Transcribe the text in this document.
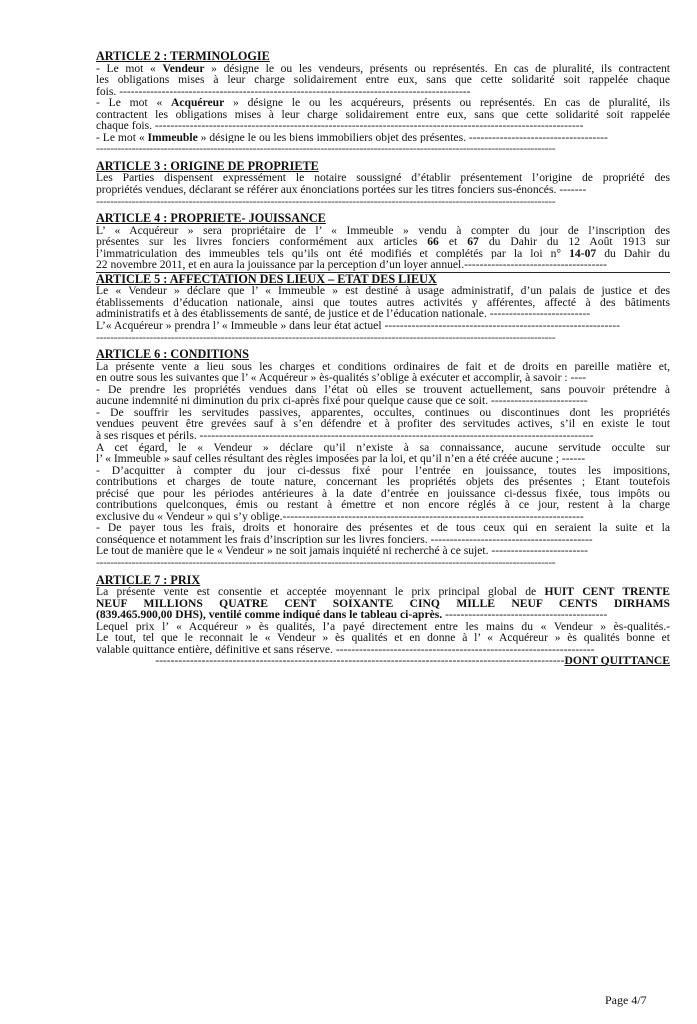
ARTICLE 2 : TERMINOLOGIE
- Le mot « Vendeur » désigne le ou les vendeurs, présents ou représentés. En cas de pluralité, ils contractent
les obligations mises à leur charge solidairement entre eux, sans que cette solidarité soit rappelée chaque
fois. -------------------------------------------------------------------------------------------
- Le mot « Acquéreur » désigne le ou les acquéreurs, présents ou représentés. En cas de pluralité, ils
contractent les obligations mises à leur charge solidairement entre eux, sans que cette solidarité soit rappelée
chaque fois. ---------------------------------------------------------------------------------------------------------------
- Le mot « Immeuble » désigne le ou les biens immobiliers objet des présentes. ------------------------------------
---------------------------------------------------------------------------------------------------------------------------------
ARTICLE 3 : ORIGINE DE PROPRIETE
Les Parties dispensent expressément le notaire soussigné d’établir présentement l’origine de propriété des
propriétés vendues, déclarant se référer aux énonciations portées sur les titres fonciers sus-énoncés. -------
---------------------------------------------------------------------------------------------------------------------------------
ARTICLE 4 : PROPRIETE- JOUISSANCE
L’ « Acquéreur » sera propriétaire de l’ « Immeuble » vendu à compter du jour de l’inscription des
présentes sur les livres fonciers conformément aux articles 66 et 67 du Dahir du 12 Août 1913 sur
l’immatriculation des immeubles tels qu’ils ont été modifiés et complétés par la loi n° 14-07 du Dahir du
22 novembre 2011, et en aura la jouissance par la perception d’un loyer annuel.-------------------------------------
ARTICLE 5 : AFFECTATION DES LIEUX – ETAT DES LIEUX
Le « Vendeur » déclare que l’ « Immeuble » est destiné à usage administratif, d’un palais de justice et des
établissements d’éducation nationale, ainsi que toutes autres activités y afférentes, affecté à des bâtiments
administratifs et à des établissements de santé, de justice et de l’éducation nationale. --------------------------
L’« Acquéreur » prendra l’ « Immeuble » dans leur état actuel -------------------------------------------------------------
---------------------------------------------------------------------------------------------------------------------------------
ARTICLE 6 : CONDITIONS
La présente vente a lieu sous les charges et conditions ordinaires de fait et de droits en pareille matière et,
en outre sous les suivantes que l’ « Acquéreur » ès-qualités s’oblige à exécuter et accomplir, à savoir : ----
- De prendre les propriétés vendues dans l’état où elles se trouvent actuellement, sans pouvoir prétendre à
aucune indemnité ni diminution du prix ci-après fixé pour quelque cause que ce soit. -------------------------
- De souffrir les servitudes passives, apparentes, occultes, continues ou discontinues dont les propriétés
vendues peuvent être grevées sauf à s’en défendre et à profiter des servitudes actives, s’il en existe le tout
à ses risques et périls. ------------------------------------------------------------------------------------------------------
A cet égard, le « Vendeur » déclare qu’il n’existe à sa connaissance, aucune servitude occulte sur
l’ « Immeuble » sauf celles résultant des règles imposées par la loi, et qu’il n’en a été créée aucune ; ------
- D’acquitter à compter du jour ci-dessus fixé pour l’entrée en jouissance, toutes les impositions,
contributions et charges de toute nature, concernant les propriétés objets des présentes ; Etant toutefois
précisé que pour les périodes antérieures à la date d’entrée en jouissance ci-dessus fixée, tous impôts ou
contributions quelconques, émis ou restant à émettre et non encore réglés à ce jour, restent à la charge
exclusive du « Vendeur » qui s’y oblige.------------------------------------------------------------------------------
- De payer tous les frais, droits et honoraire des présentes et de tous ceux qui en seraient la suite et la
conséquence et notamment les frais d’inscription sur les livres fonciers. ------------------------------------------
Le tout de manière que le « Vendeur » ne soit jamais inquiété ni recherché à ce sujet. -------------------------
---------------------------------------------------------------------------------------------------------------------------------
ARTICLE 7 : PRIX
La présente vente est consentie et acceptée moyennant le prix principal global de HUIT CENT TRENTE
NEUF MILLIONS QUATRE CENT SOIXANTE CINQ MILLE NEUF CENTS DIRHAMS
(839.465.900,00 DHS), ventilé comme indiqué dans le tableau ci-après. ------------------------------------------
Lequel prix l’ « Acquéreur » ès qualités, l’a payé directement entre les mains du « Vendeur » ès-qualités.-
Le tout, tel que le reconnait le « Vendeur » ès qualités et en donne à l’ « Acquéreur » ès qualités bonne et
valable quittance entière, définitive et sans réserve. -------------------------------------------------------------------
----------------------------------------------------------------------------------------------------------DONT QUITTANCE
Page 4/7
